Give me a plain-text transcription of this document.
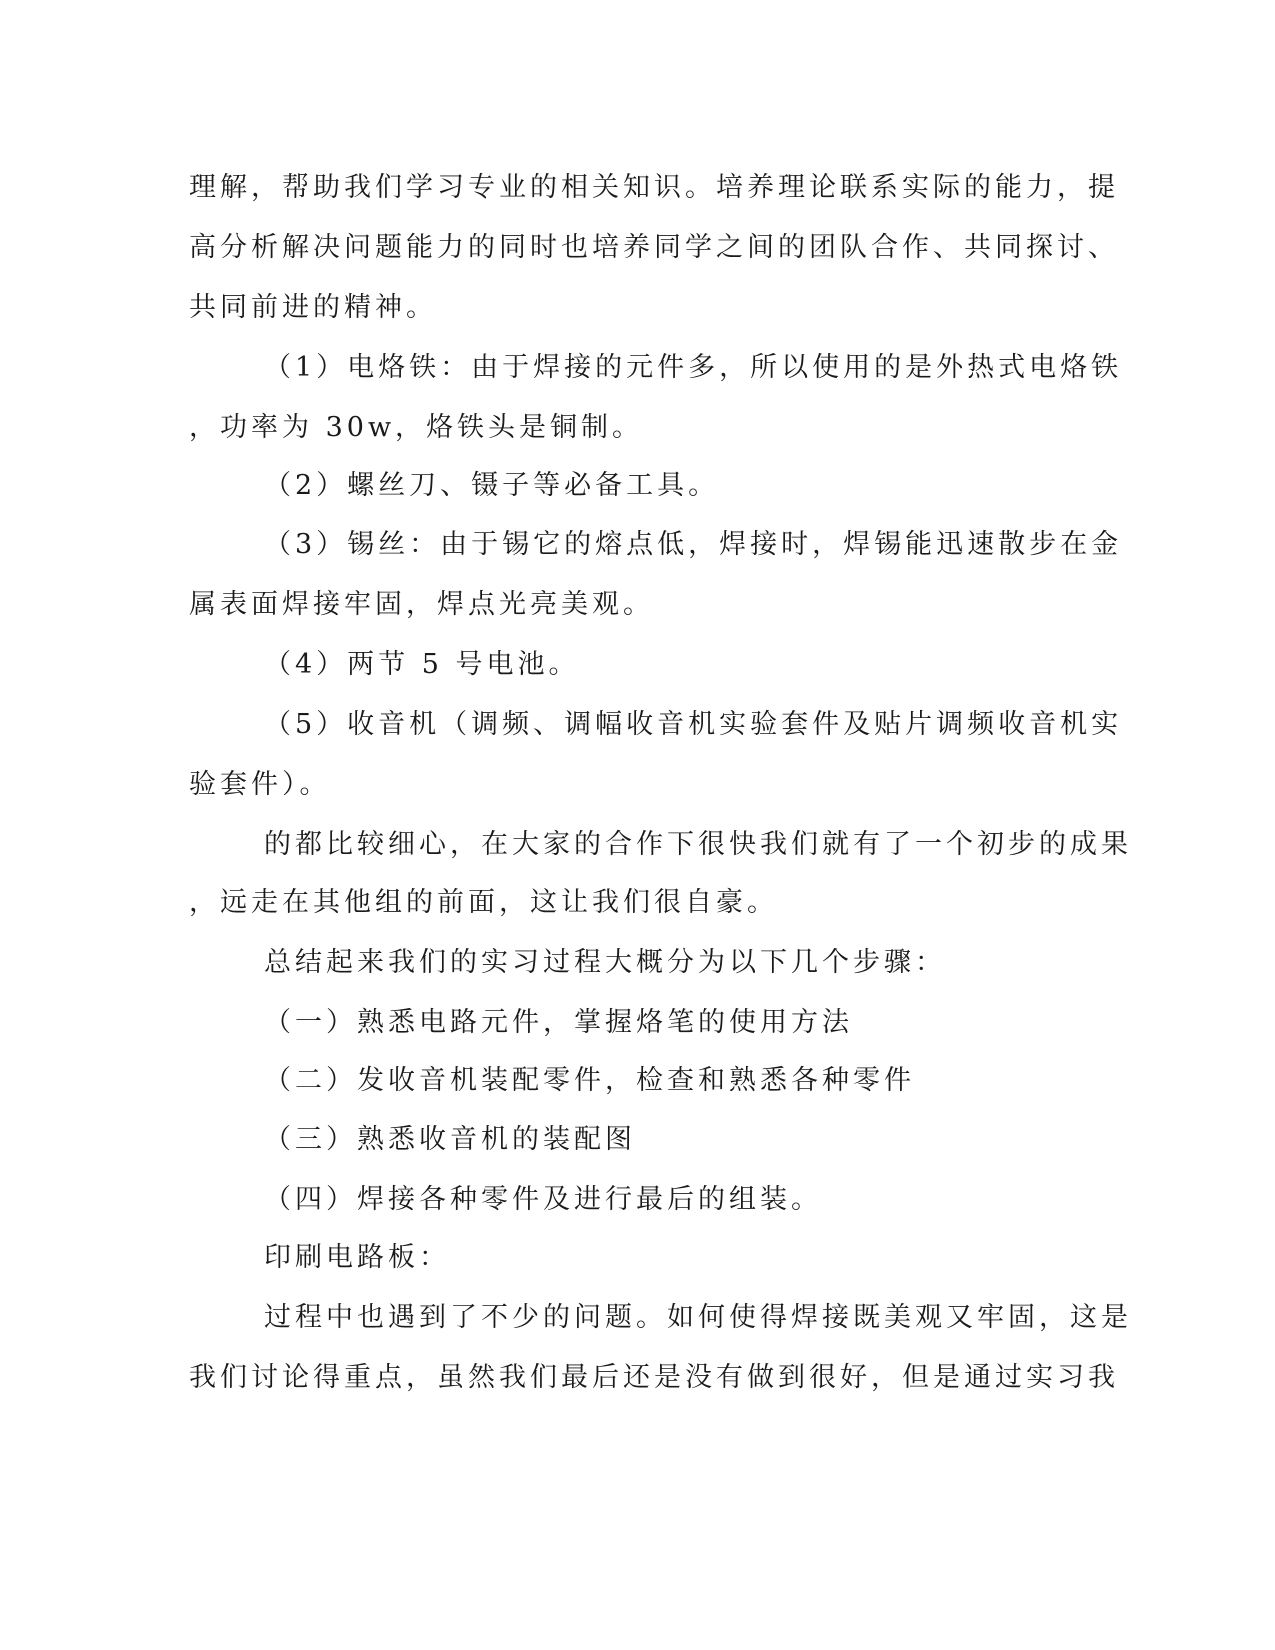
理解，帮助我们学习专业的相关知识。培养理论联系实际的能力，提
高分析解决问题能力的同时也培养同学之间的团队合作、共同探讨、
共同前进的精神。
（1）电烙铁：由于焊接的元件多，所以使用的是外热式电烙铁
，功率为 30w，烙铁头是铜制。
（2）螺丝刀、镊子等必备工具。
（3）锡丝：由于锡它的熔点低，焊接时，焊锡能迅速散步在金
属表面焊接牢固，焊点光亮美观。
（4）两节 5 号电池。
（5）收音机（调频、调幅收音机实验套件及贴片调频收音机实
验套件）。
的都比较细心，在大家的合作下很快我们就有了一个初步的成果
，远走在其他组的前面，这让我们很自豪。
总结起来我们的实习过程大概分为以下几个步骤：
（一）熟悉电路元件，掌握烙笔的使用方法
（二）发收音机装配零件，检查和熟悉各种零件
（三）熟悉收音机的装配图
（四）焊接各种零件及进行最后的组装。
印刷电路板：
过程中也遇到了不少的问题。如何使得焊接既美观又牢固，这是
我们讨论得重点，虽然我们最后还是没有做到很好，但是通过实习我
